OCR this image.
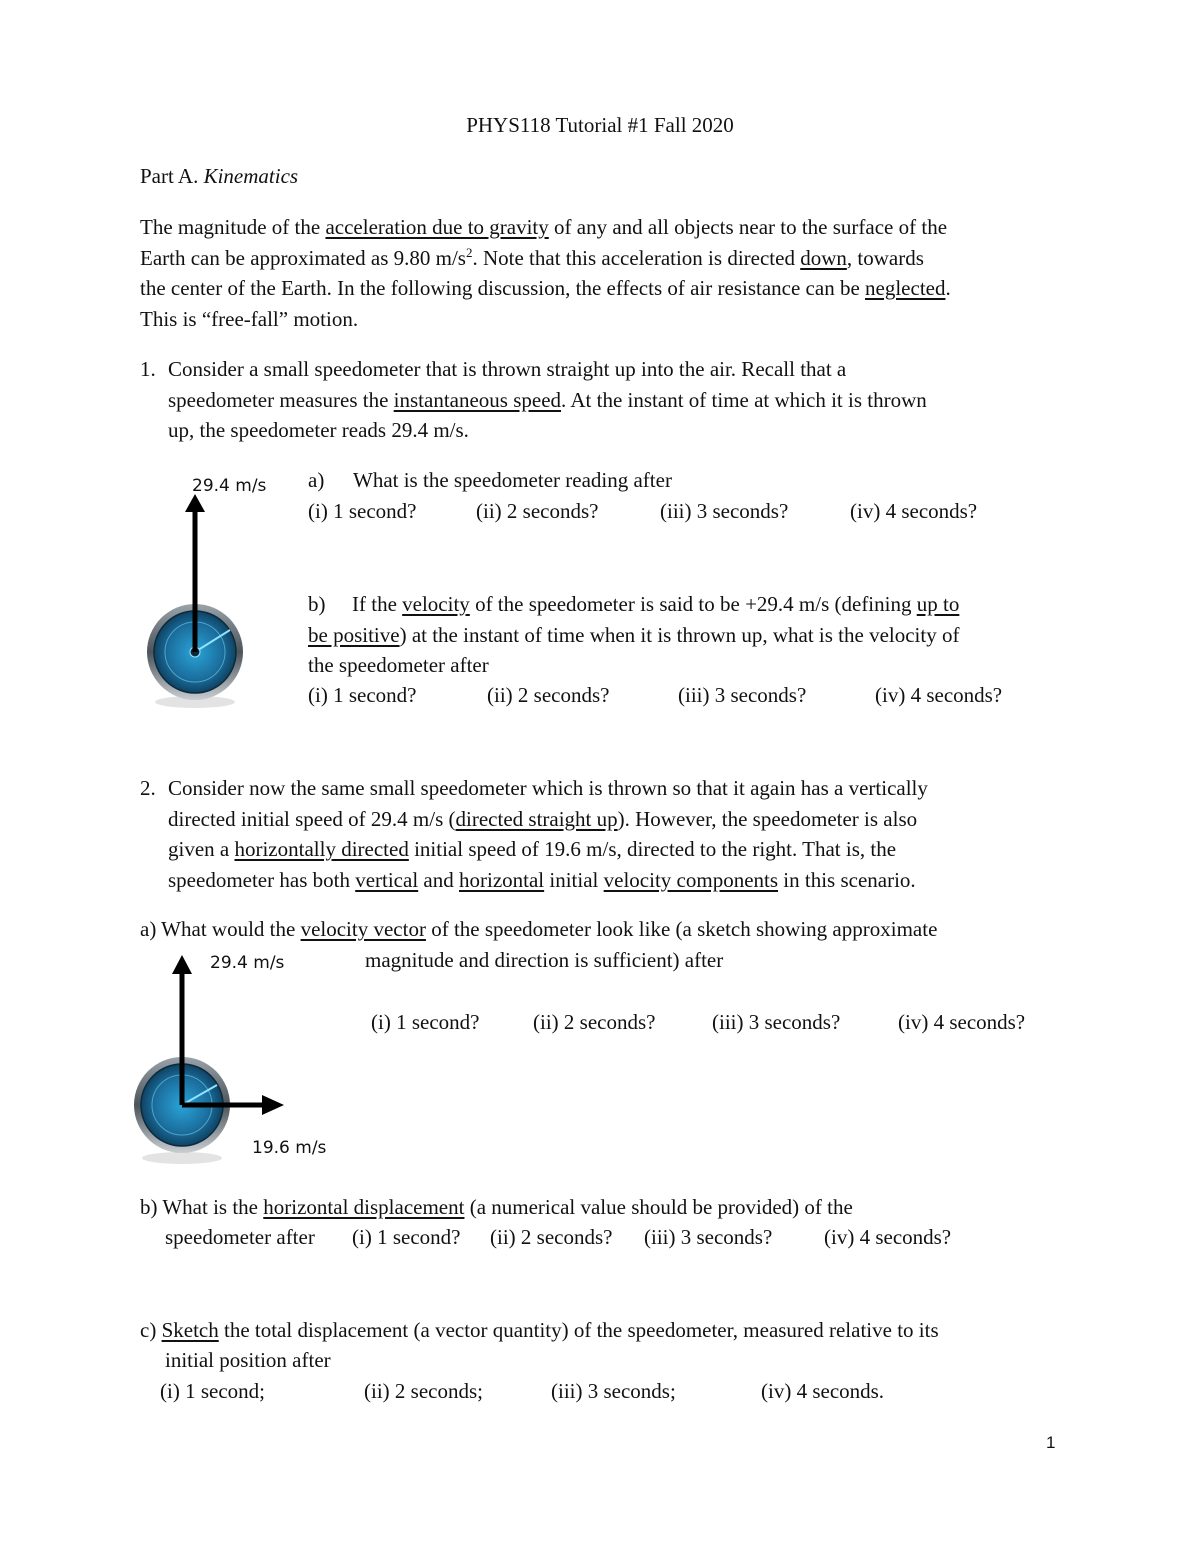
PHYS118 Tutorial #1 Fall 2020
Part A. Kinematics
The magnitude of the acceleration due to gravity of any and all objects near to the surface of the
Earth can be approximated as 9.80 $m/s^2$. Note that this acceleration is directed down, towards
the center of the Earth. In the following discussion, the effects of air resistance can be neglected.
This is “free-fall” motion.
1. Consider a small speedometer that is thrown straight up into the air. Recall that a
speedometer measures the instantaneous speed. At the instant of time at which it is thrown
up, the speedometer reads 29.4 m/s.
29.4 m/s a) What is the speedometer reading after
(i) 1 second?	(ii) 2 seconds?	(iii) 3 seconds?	(iv) 4 seconds?
b)	If the velocity of the speedometer is said to be +29.4 m/s (defining up to
be positive) at the instant of time when it is thrown up, what is the velocity of
the speedometer after
(i) 1 second?	(ii) 2 seconds?	(iii) 3 seconds?	(iv) 4 seconds?
2. Consider now the same small speedometer which is thrown so that it again has a vertically
directed initial speed of 29.4 m/s (directed straight up). However, the speedometer is also
given a horizontally directed initial speed of 19.6 m/s, directed to the right. That is, the
speedometer has both vertical and horizontal initial velocity components in this scenario.
a) What would the velocity vector of the speedometer look like (a sketch showing approximate
magnitude and direction is sufficient) after
(i) 1 second?	(ii) 2 seconds?	(iii) 3 seconds?	(iv) 4 seconds?
29.4 m/s
19.6 m/s
b) What is the horizontal displacement (a numerical value should be provided) of the
speedometer after (i) 1 second? (ii) 2 seconds? (iii) 3 seconds? (iv) 4 seconds?
c) Sketch the total displacement (a vector quantity) of the speedometer, measured relative to its
initial position after
(i) 1 second;	(ii) 2 seconds;	(iii) 3 seconds;	(iv) 4 seconds.
1
